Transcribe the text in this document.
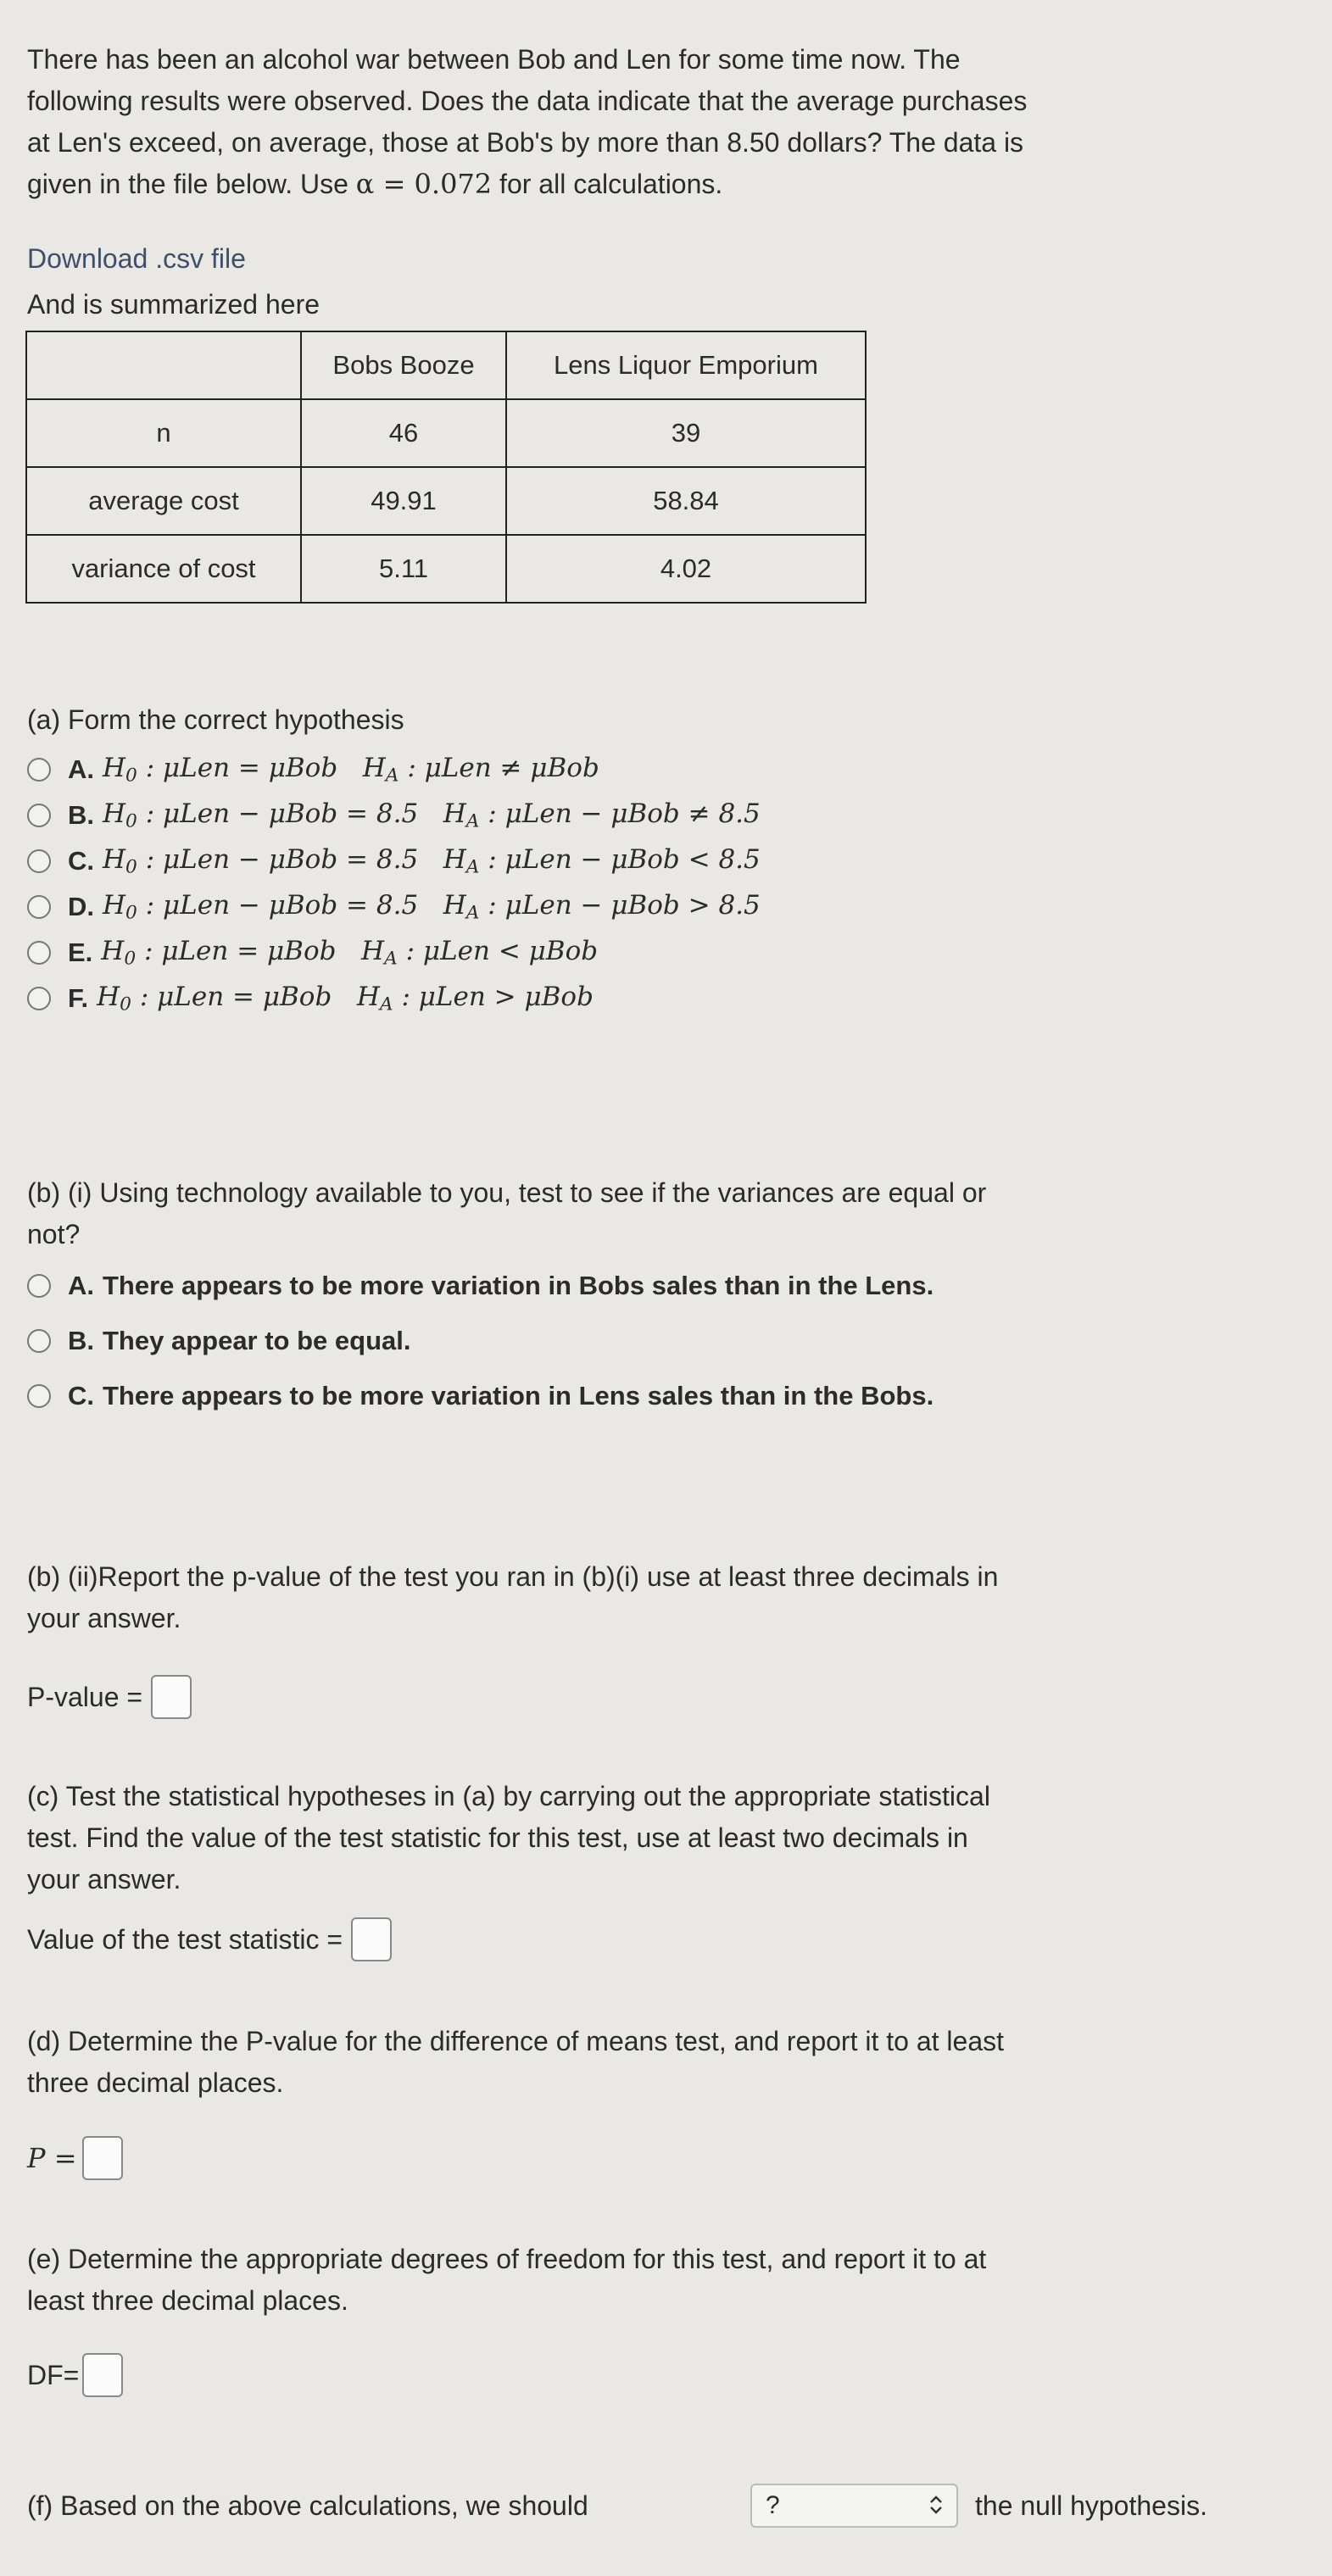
There has been an alcohol war between Bob and Len for some time now. The
following results were observed. Does the data indicate that the average purchases
at Len's exceed, on average, those at Bob's by more than 8.50 dollars? The data is
given in the file below. Use α = 0.072 for all calculations.
Download .csv file
And is summarized here
	Bobs Booze	Lens Liquor Emporium
n	46	39
average cost	49.91	58.84
variance of cost	5.11	4.02
(a) Form the correct hypothesis
A. $H_0$ : μLen = μBob   $H_A$ : μLen ≠ μBob
B. $H_0$ : μLen − μBob = 8.5   $H_A$ : μLen − μBob ≠ 8.5
C. $H_0$ : μLen − μBob = 8.5   $H_A$ : μLen − μBob < 8.5
D. $H_0$ : μLen − μBob = 8.5   $H_A$ : μLen − μBob > 8.5
E. $H_0$ : μLen = μBob   $H_A$ : μLen < μBob
F. $H_0$ : μLen = μBob   $H_A$ : μLen > μBob
(b) (i) Using technology available to you, test to see if the variances are equal or
not?
A. There appears to be more variation in Bobs sales than in the Lens.
B. They appear to be equal.
C. There appears to be more variation in Lens sales than in the Bobs.
(b) (ii)Report the p-value of the test you ran in (b)(i) use at least three decimals in
your answer.
P-value =
(c) Test the statistical hypotheses in (a) by carrying out the appropriate statistical
test. Find the value of the test statistic for this test, use at least two decimals in
your answer.
Value of the test statistic =
(d) Determine the P-value for the difference of means test, and report it to at least
three decimal places.
P =
(e) Determine the appropriate degrees of freedom for this test, and report it to at
least three decimal places.
DF=
(f) Based on the above calculations, we should	?	the null hypothesis.
